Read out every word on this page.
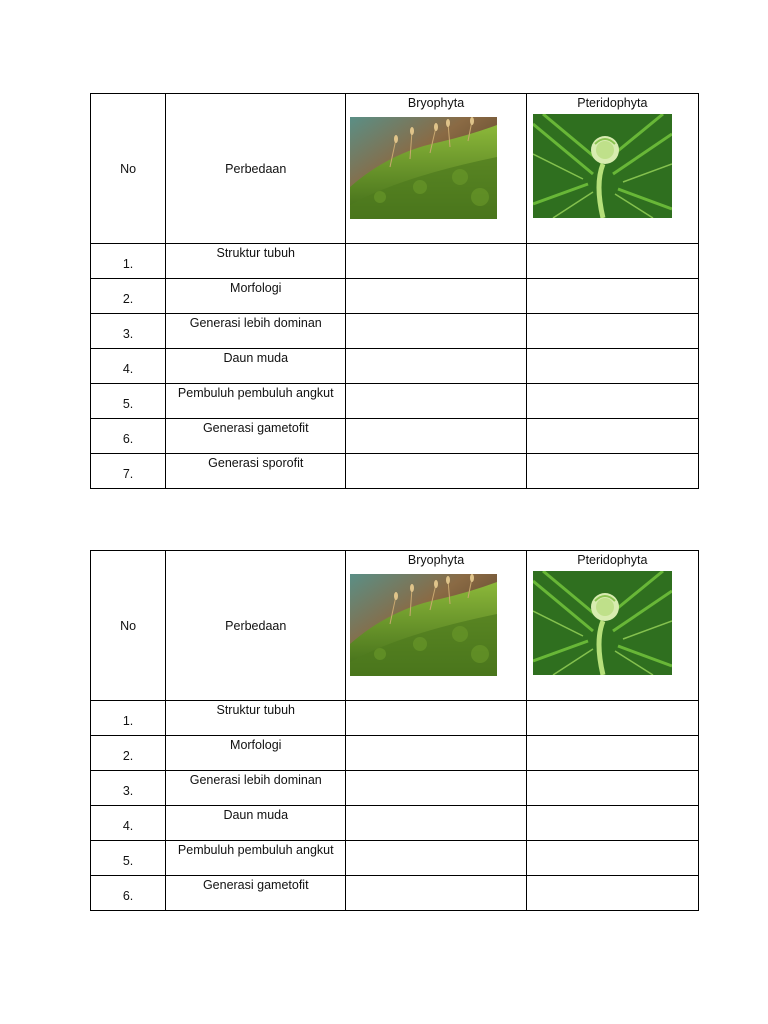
No	Perbedaan	Bryophyta	Pteridophyta

1.	Struktur tubuh		

2.	Morfologi		

3.	Generasi lebih dominan		

4.	Daun muda		

5.	Pembuluh pembuluh angkut		

6.	Generasi gametofit		

7.	Generasi sporofit		

No	Perbedaan	Bryophyta	Pteridophyta

1.	Struktur tubuh		

2.	Morfologi		

3.	Generasi lebih dominan		

4.	Daun muda		

5.	Pembuluh pembuluh angkut		

6.	Generasi gametofit		
